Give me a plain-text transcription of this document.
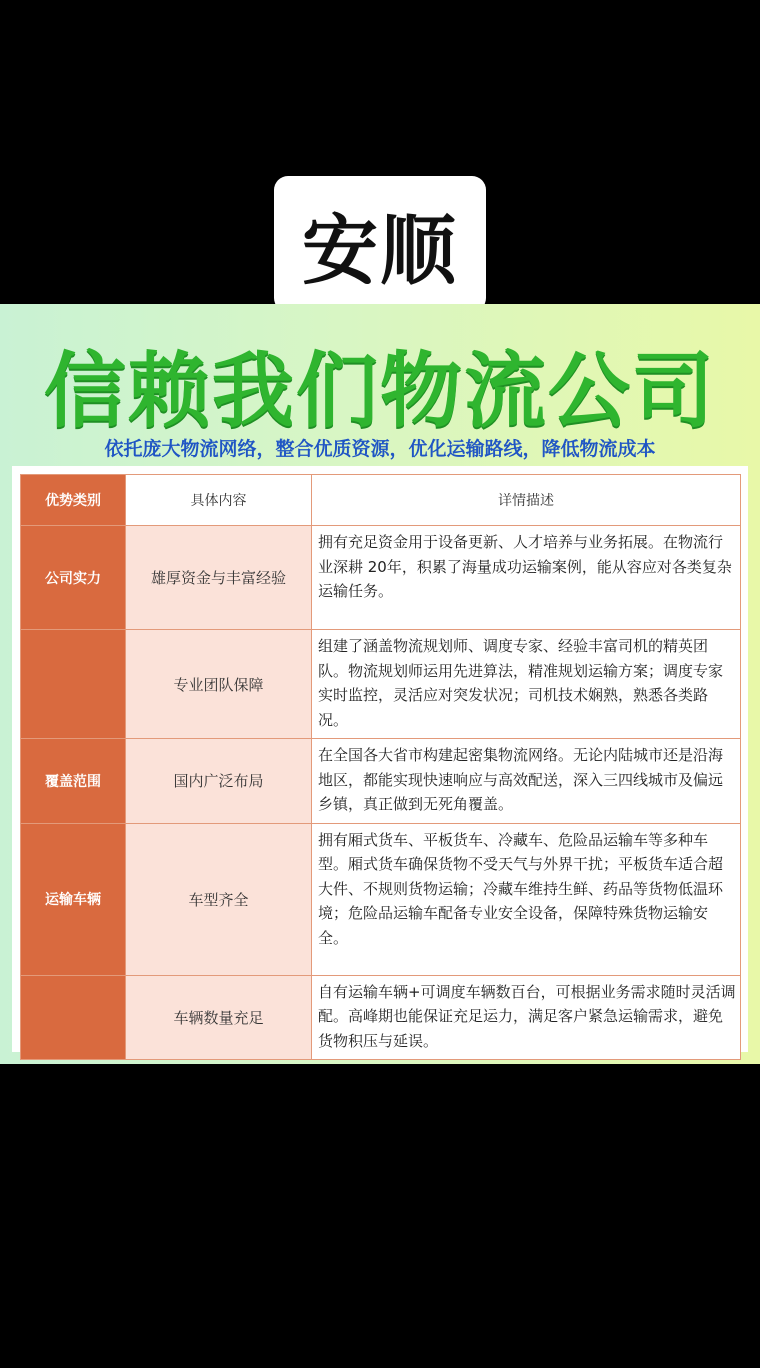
安顺
信赖我们物流公司
依托庞大物流网络，整合优质资源，优化运输路线，降低物流成本
优势类别	具体内容	详情描述
公司实力	雄厚资金与丰富经验	拥有充足资金用于设备更新、人才培养与业务拓展。在物流行业深耕 20年，积累了海量成功运输案例，能从容应对各类复杂运输任务。
	专业团队保障	组建了涵盖物流规划师、调度专家、经验丰富司机的精英团队。物流规划师运用先进算法，精准规划运输方案；调度专家实时监控，灵活应对突发状况；司机技术娴熟，熟悉各类路况。
覆盖范围	国内广泛布局	在全国各大省市构建起密集物流网络。无论内陆城市还是沿海地区，都能实现快速响应与高效配送，深入三四线城市及偏远乡镇，真正做到无死角覆盖。
运输车辆	车型齐全	拥有厢式货车、平板货车、冷藏车、危险品运输车等多种车型。厢式货车确保货物不受天气与外界干扰；平板货车适合超大件、不规则货物运输；冷藏车维持生鲜、药品等货物低温环境；危险品运输车配备专业安全设备，保障特殊货物运输安全。
	车辆数量充足	自有运输车辆+可调度车辆数百台，可根据业务需求随时灵活调配。高峰期也能保证充足运力，满足客户紧急运输需求，避免货物积压与延误。
